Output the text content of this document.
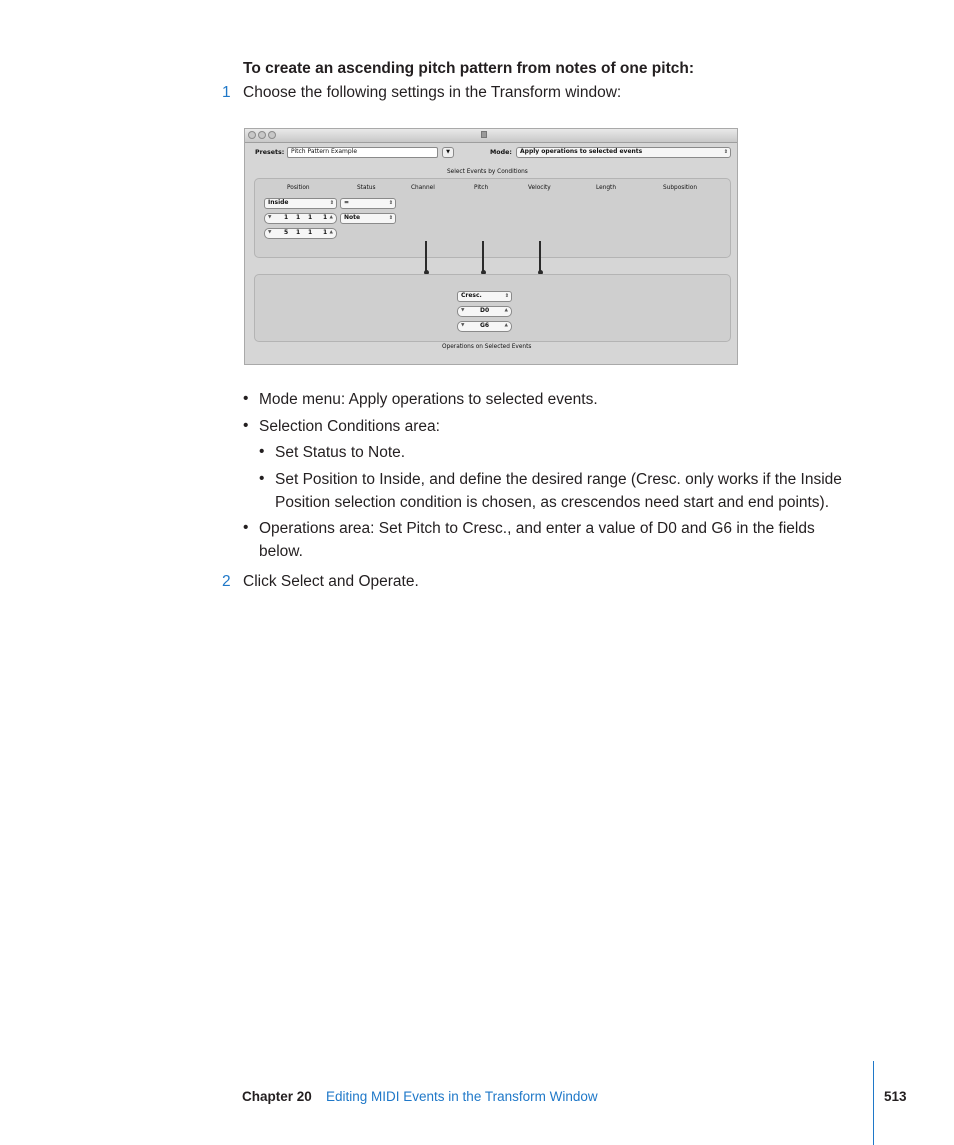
To create an ascending pitch pattern from notes of one pitch:
1 Choose the following settings in the Transform window:
Presets:	Pitch Pattern Example	▼	Mode:	Apply operations to selected events	⇕
Select Events by Conditions
Position	Status	Channel	Pitch	Velocity	Length	Subposition
Inside	⇕	=	⇕
▼ 1 1 1 1 ▲	Note	⇕
▼ 5 1 1 1 ▲
Cresc.	⇕
▼	D0	▲
▼	G6	▲
Operations on Selected Events
• Mode menu: Apply operations to selected events.
• Selection Conditions area:
• Set Status to Note.
• Set Position to Inside, and define the desired range (Cresc. only works if the Inside Position selection condition is chosen, as crescendos need start and end points).
• Operations area: Set Pitch to Cresc., and enter a value of D0 and G6 in the fields below.
2 Click Select and Operate.
Chapter 20 Editing MIDI Events in the Transform Window	513
